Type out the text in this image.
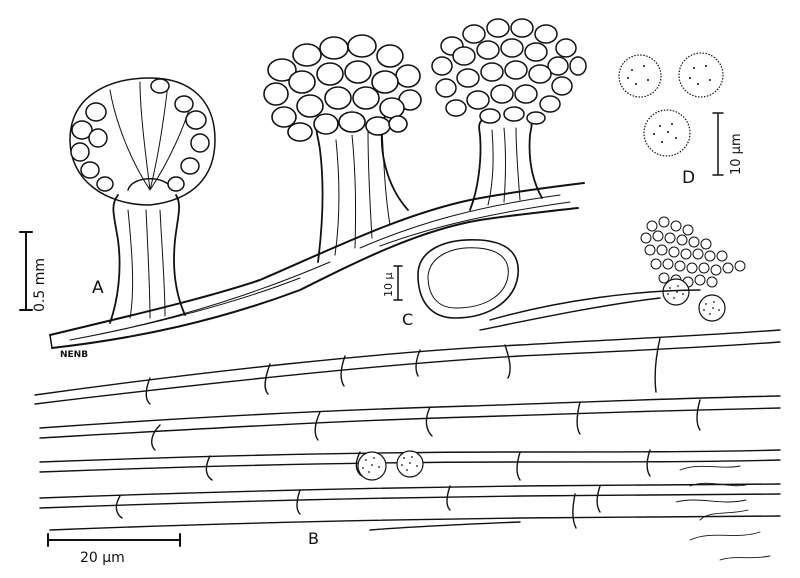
0.5 mm	A
NENB
10 µ
C
10 µm
D
20 µm
B
